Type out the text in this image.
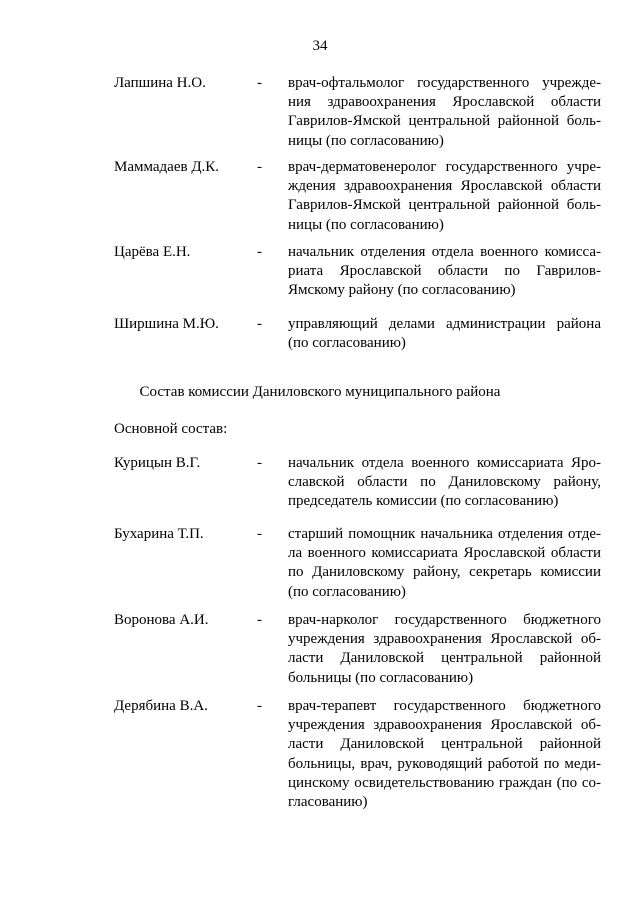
34
Лапшина Н.О.	- врач-офтальмолог государственного учрежде-
ния здравоохранения Ярославской области
Гаврилов-Ямской центральной районной боль-
ницы (по согласованию)
Маммадаев Д.К.	- врач-дерматовенеролог государственного учре-
ждения здравоохранения Ярославской области
Гаврилов-Ямской центральной районной боль-
ницы (по согласованию)
Царёва Е.Н.	- начальник отделения отдела военного комисса-
риата Ярославской области по Гаврилов-
Ямскому району (по согласованию)
Ширшина М.Ю.	- управляющий делами администрации района
(по согласованию)
Состав комиссии Даниловского муниципального района
Основной состав:
Курицын В.Г.	- начальник отдела военного комиссариата Яро-
славской области по Даниловскому району,
председатель комиссии (по согласованию)
Бухарина Т.П.	- старший помощник начальника отделения отде-
ла военного комиссариата Ярославской области
по Даниловскому району, секретарь комиссии
(по согласованию)
Воронова А.И.	- врач-нарколог государственного бюджетного
учреждения здравоохранения Ярославской об-
ласти Даниловской центральной районной
больницы (по согласованию)
Дерябина В.А.	- врач-терапевт государственного бюджетного
учреждения здравоохранения Ярославской об-
ласти Даниловской центральной районной
больницы, врач, руководящий работой по меди-
цинскому освидетельствованию граждан (по со-
гласованию)
